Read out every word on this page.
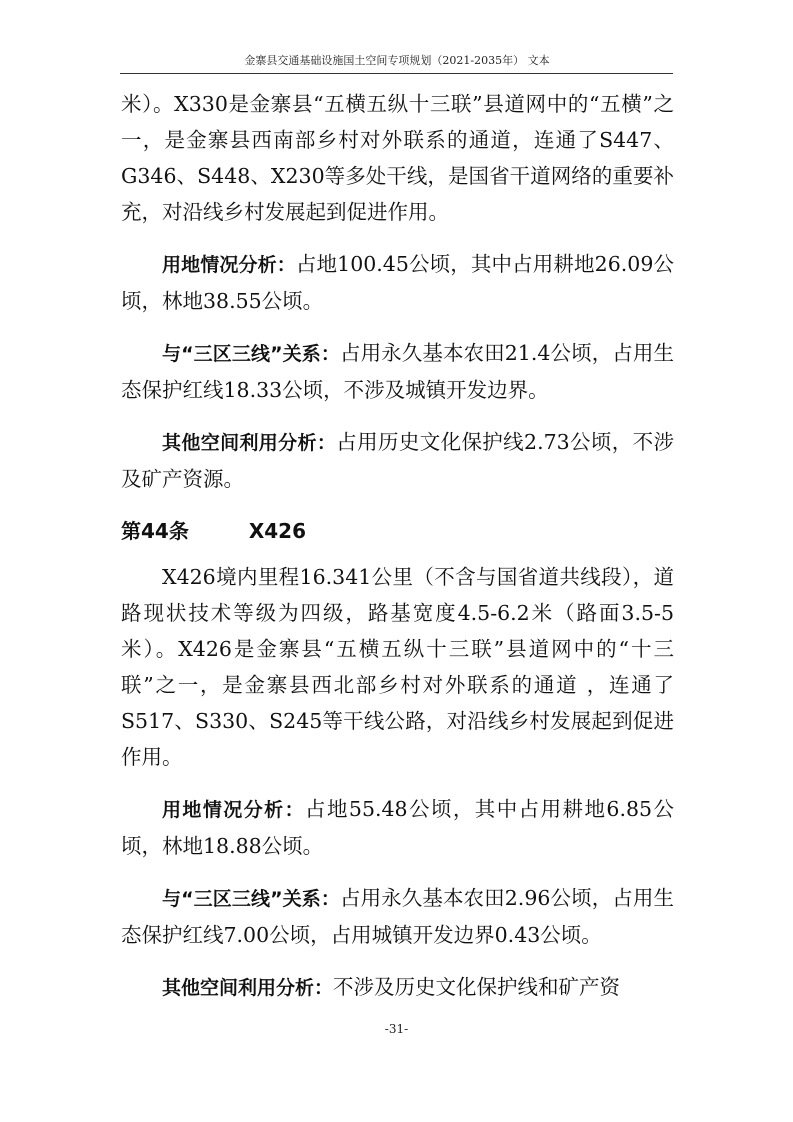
金寨县交通基础设施国土空间专项规划（2021-2035年） 文本

米）。X330是金寨县“五横五纵十三联”县道网中的“五横”之一，是金寨县西南部乡村对外联系的通道，连通了S447、G346、S448、X230等多处干线，是国省干道网络的重要补充，对沿线乡村发展起到促进作用。

用地情况分析：占地100.45公顷，其中占用耕地26.09公顷，林地38.55公顷。

与“三区三线”关系：占用永久基本农田21.4公顷，占用生态保护红线18.33公顷，不涉及城镇开发边界。

其他空间利用分析：占用历史文化保护线2.73公顷，不涉及矿产资源。

第44条	X426

X426境内里程16.341公里（不含与国省道共线段），道路现状技术等级为四级，路基宽度4.5-6.2米（路面3.5-5米）。X426是金寨县“五横五纵十三联”县道网中的“十三联”之一，是金寨县西北部乡村对外联系的通道 ，连通了S517、S330、S245等干线公路，对沿线乡村发展起到促进作用。

用地情况分析：占地55.48公顷，其中占用耕地6.85公顷，林地18.88公顷。

与“三区三线”关系：占用永久基本农田2.96公顷，占用生态保护红线7.00公顷，占用城镇开发边界0.43公顷。

其他空间利用分析：不涉及历史文化保护线和矿产资

-31-
